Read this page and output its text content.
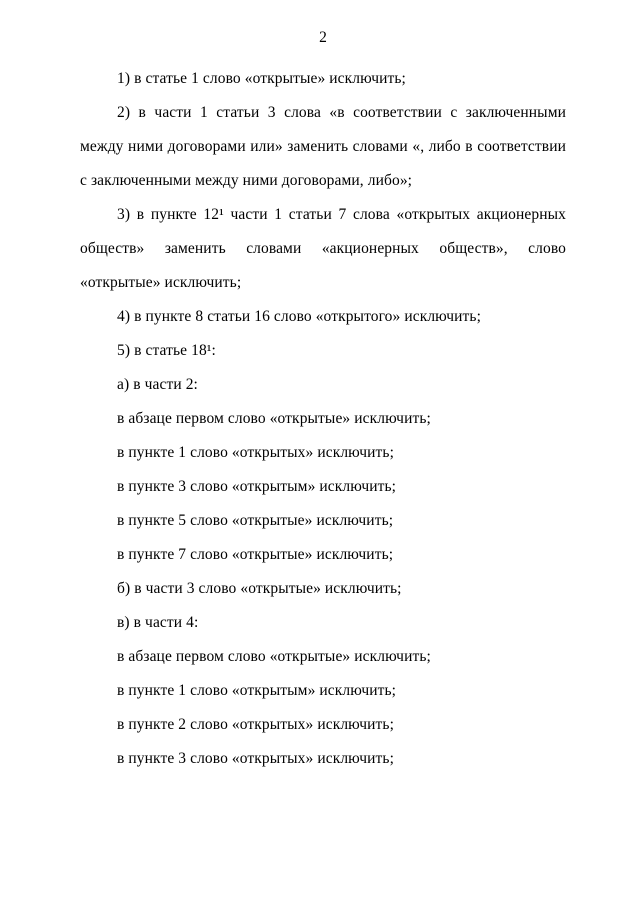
2

1) в статье 1 слово «открытые» исключить;

2) в части 1 статьи 3 слова «в соответствии с заключенными между ними договорами или» заменить словами «, либо в соответствии с заключенными между ними договорами, либо»;

3) в пункте 12¹ части 1 статьи 7 слова «открытых акционерных обществ» заменить словами «акционерных обществ», слово «открытые» исключить;

4) в пункте 8 статьи 16 слово «открытого» исключить;

5) в статье 18¹:

а) в части 2:

в абзаце первом слово «открытые» исключить;

в пункте 1 слово «открытых» исключить;

в пункте 3 слово «открытым» исключить;

в пункте 5 слово «открытые» исключить;

в пункте 7 слово «открытые» исключить;

б) в части 3 слово «открытые» исключить;

в) в части 4:

в абзаце первом слово «открытые» исключить;

в пункте 1 слово «открытым» исключить;

в пункте 2 слово «открытых» исключить;

в пункте 3 слово «открытых» исключить;
